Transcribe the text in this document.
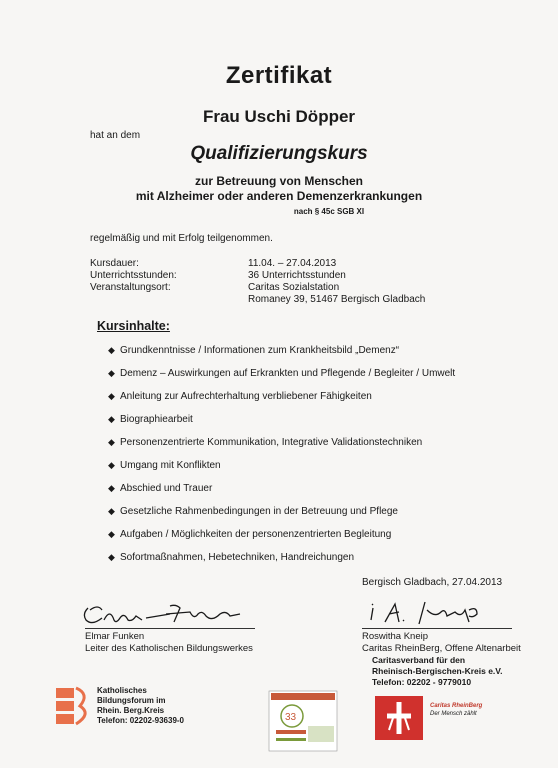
Zertifikat
Frau Uschi Döpper
hat an dem
Qualifizierungskurs
zur Betreuung von Menschen
mit Alzheimer oder anderen Demenzerkrankungen
nach § 45c SGB XI
regelmäßig und mit Erfolg teilgenommen.
Kursdauer:	11.04. – 27.04.2013
Unterrichtsstunden:	36 Unterrichtsstunden
Veranstaltungsort:	Caritas Sozialstation
Romaney 39, 51467 Bergisch Gladbach
Kursinhalte:
◆ Grundkenntnisse / Informationen zum Krankheitsbild „Demenz“
◆ Demenz – Auswirkungen auf Erkrankten und Pflegende / Begleiter / Umwelt
◆ Anleitung zur Aufrechterhaltung verbliebener Fähigkeiten
◆ Biographiearbeit
◆ Personenzentrierte Kommunikation, Integrative Validationstechniken
◆ Umgang mit Konflikten
◆ Abschied und Trauer
◆ Gesetzliche Rahmenbedingungen in der Betreuung und Pflege
◆ Aufgaben / Möglichkeiten der personenzentrierten Begleitung
◆ Sofortmaßnahmen, Hebetechniken, Handreichungen
Bergisch Gladbach, 27.04.2013
Elmar Funken
Leiter des Katholischen Bildungswerkes
Roswitha Kneip
Caritas RheinBerg, Offene Altenarbeit
Caritasverband für den
Rheinisch-Bergischen-Kreis e.V.
Telefon: 02202 - 9779010
Katholisches
Bildungsforum im
Rhein. Berg.Kreis
Telefon: 02202-93639-0	33
Caritas RheinBerg
Der Mensch zählt
